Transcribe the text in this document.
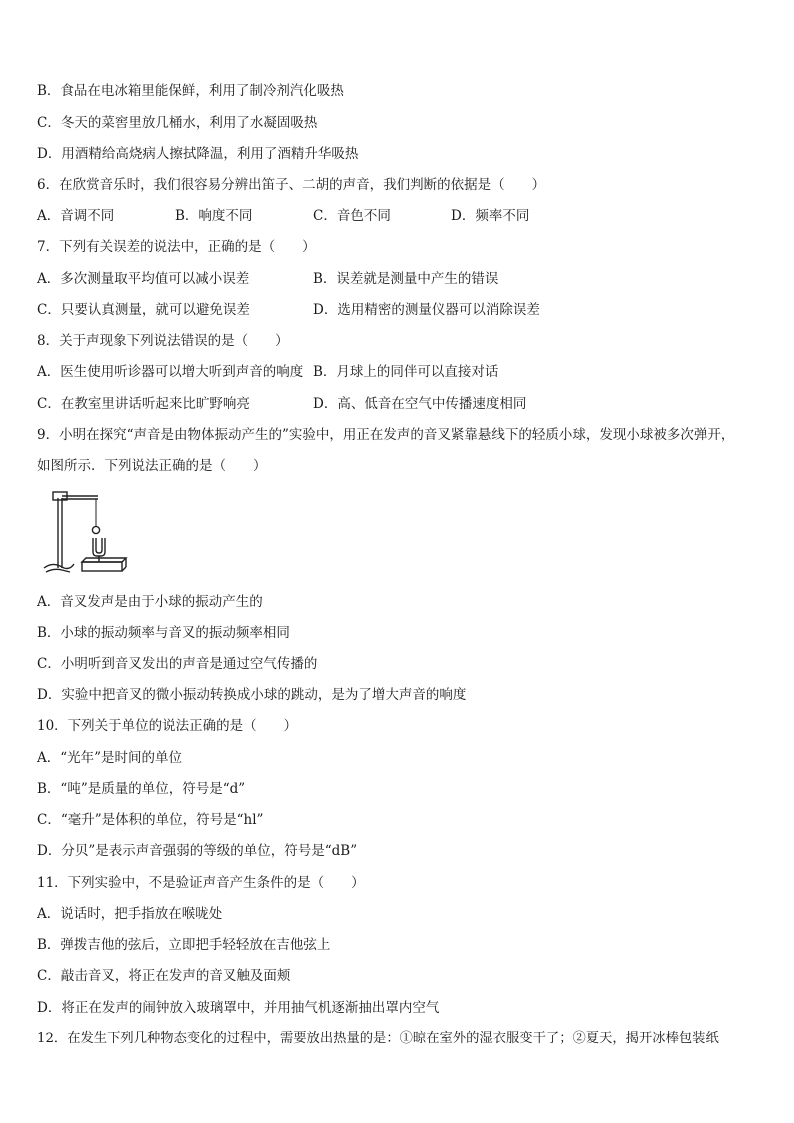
B．食品在电冰箱里能保鲜，利用了制冷剂汽化吸热
C．冬天的菜窖里放几桶水，利用了水凝固吸热
D．用酒精给高烧病人擦拭降温，利用了酒精升华吸热
6．在欣赏音乐时，我们很容易分辨出笛子、二胡的声音，我们判断的依据是（　　）
A．音调不同	B．响度不同	C．音色不同	D．频率不同
7．下列有关误差的说法中，正确的是（　　）
A．多次测量取平均值可以减小误差	B．误差就是测量中产生的错误
C．只要认真测量，就可以避免误差	D．选用精密的测量仪器可以消除误差
8．关于声现象下列说法错误的是（　　）
A．医生使用听诊器可以增大听到声音的响度 B．月球上的同伴可以直接对话
C．在教室里讲话听起来比旷野响亮	D．高、低音在空气中传播速度相同
9．小明在探究“声音是由物体振动产生的”实验中，用正在发声的音叉紧靠悬线下的轻质小球，发现小球被多次弹开，
如图所示．下列说法正确的是（　　）
A．音叉发声是由于小球的振动产生的
B．小球的振动频率与音叉的振动频率相同
C．小明听到音叉发出的声音是通过空气传播的
D．实验中把音叉的微小振动转换成小球的跳动，是为了增大声音的响度
10．下列关于单位的说法正确的是（　　）
A．“光年”是时间的单位
B．“吨”是质量的单位，符号是“d”
C．“毫升”是体积的单位，符号是“hl”
D．分贝”是表示声音强弱的等级的单位，符号是“dB”
11．下列实验中，不是验证声音产生条件的是（　　）
A．说话时，把手指放在喉咙处
B．弹拨吉他的弦后，立即把手轻轻放在吉他弦上
C．敲击音叉，将正在发声的音叉触及面颊
D．将正在发声的闹钟放入玻璃罩中，并用抽气机逐渐抽出罩内空气
12．在发生下列几种物态变化的过程中，需要放出热量的是：①晾在室外的湿衣服变干了；②夏天，揭开冰棒包装纸
